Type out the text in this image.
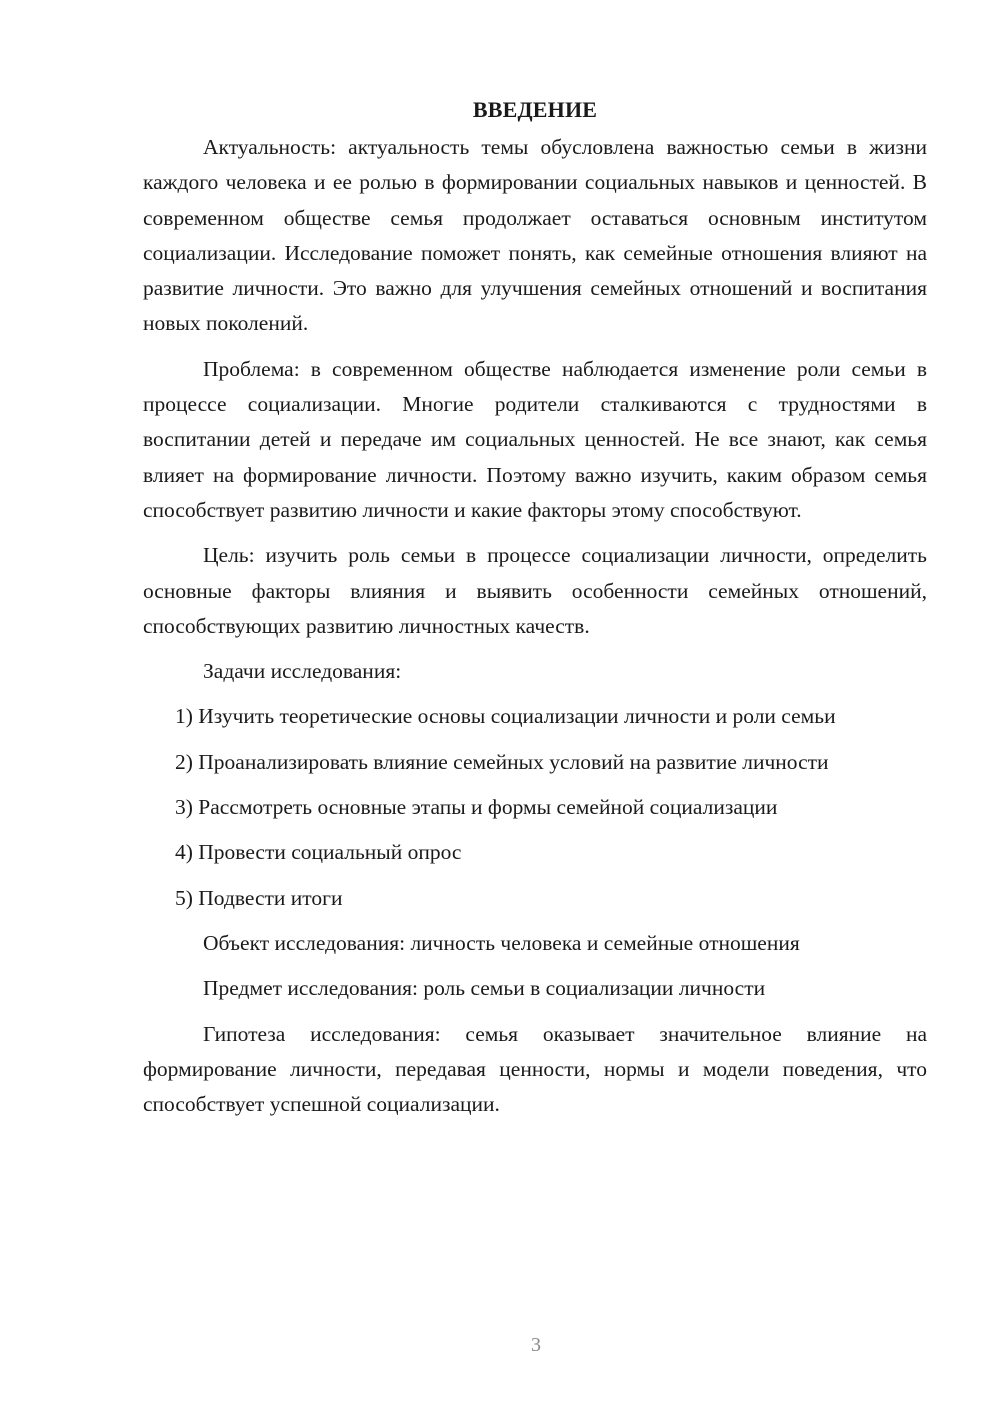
ВВЕДЕНИЕ

Актуальность: актуальность темы обусловлена важностью семьи в жизни каждого человека и ее ролью в формировании социальных навыков и ценностей. В современном обществе семья продолжает оставаться основным институтом социализации. Исследование поможет понять, как семейные отношения влияют на развитие личности. Это важно для улучшения семейных отношений и воспитания новых поколений.

Проблема: в современном обществе наблюдается изменение роли семьи в процессе социализации. Многие родители сталкиваются с трудностями в воспитании детей и передаче им социальных ценностей. Не все знают, как семья влияет на формирование личности. Поэтому важно изучить, каким образом семья способствует развитию личности и какие факторы этому способствуют.

Цель: изучить роль семьи в процессе социализации личности, определить основные факторы влияния и выявить особенности семейных отношений, способствующих развитию личностных качеств.

Задачи исследования:

1) Изучить теоретические основы социализации личности и роли семьи

2) Проанализировать влияние семейных условий на развитие личности

3) Рассмотреть основные этапы и формы семейной социализации

4) Провести социальный опрос

5) Подвести итоги

Объект исследования: личность человека и семейные отношения

Предмет исследования: роль семьи в социализации личности

Гипотеза исследования: семья оказывает значительное влияние на формирование личности, передавая ценности, нормы и модели поведения, что способствует успешной социализации.

3
